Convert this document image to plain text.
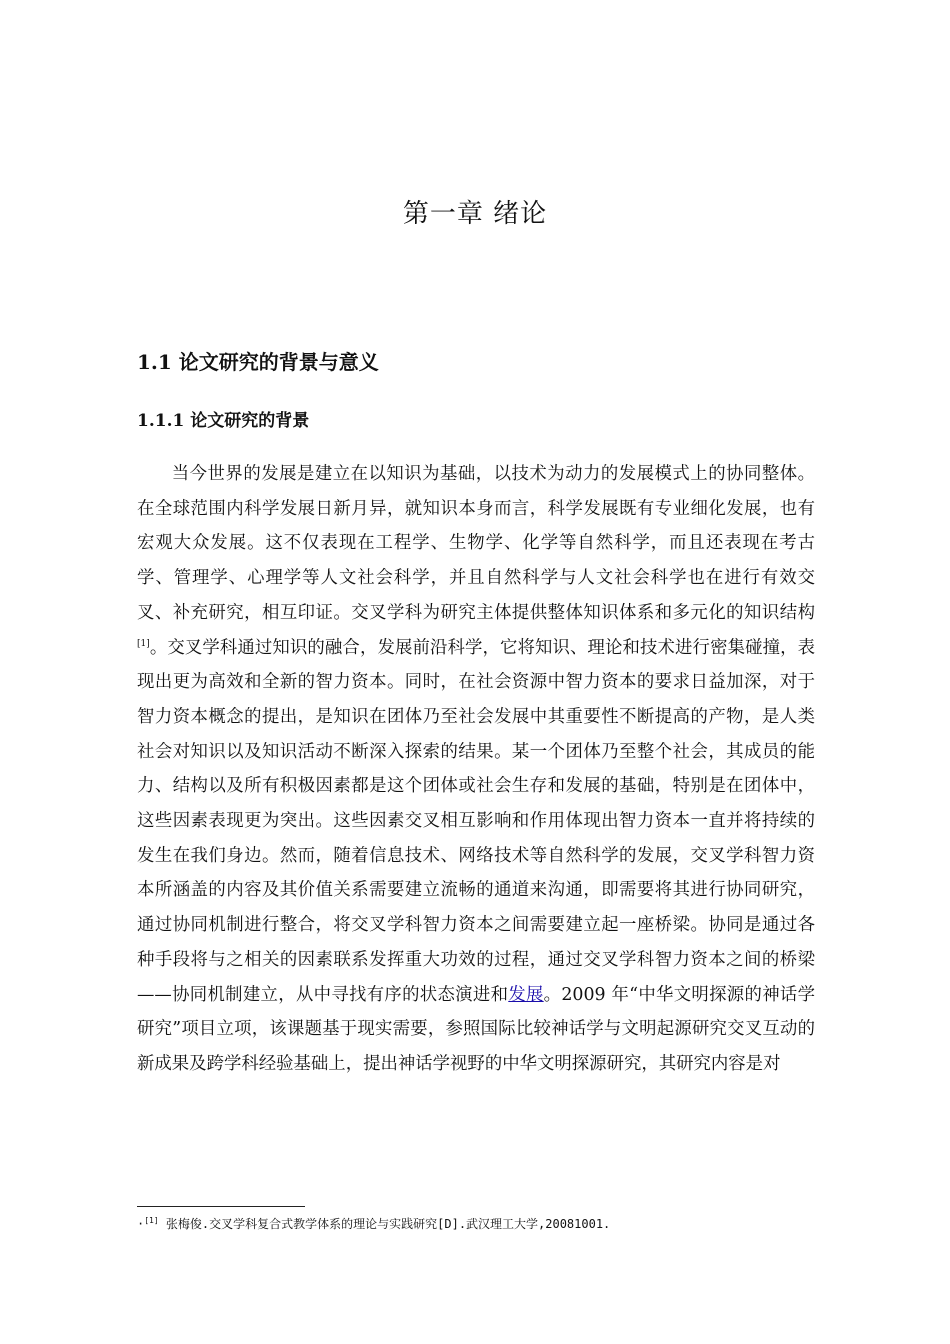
第一章 绪论
1.1 论文研究的背景与意义
1.1.1 论文研究的背景

当今世界的发展是建立在以知识为基础，以技术为动力的发展模式上的协同整体。在全球范围内科学发展日新月异，就知识本身而言，科学发展既有专业细化发展，也有宏观大众发展。这不仅表现在工程学、生物学、化学等自然科学，而且还表现在考古学、管理学、心理学等人文社会科学，并且自然科学与人文社会科学也在进行有效交叉、补充研究，相互印证。交叉学科为研究主体提供整体知识体系和多元化的知识结构[1]。交叉学科通过知识的融合，发展前沿科学，它将知识、理论和技术进行密集碰撞，表现出更为高效和全新的智力资本。同时，在社会资源中智力资本的要求日益加深，对于智力资本概念的提出，是知识在团体乃至社会发展中其重要性不断提高的产物，是人类社会对知识以及知识活动不断深入探索的结果。某一个团体乃至整个社会，其成员的能力、结构以及所有积极因素都是这个团体或社会生存和发展的基础，特别是在团体中，这些因素表现更为突出。这些因素交叉相互影响和作用体现出智力资本一直并将持续的发生在我们身边。然而，随着信息技术、网络技术等自然科学的发展，交叉学科智力资本所涵盖的内容及其价值关系需要建立流畅的通道来沟通，即需要将其进行协同研究，通过协同机制进行整合，将交叉学科智力资本之间需要建立起一座桥梁。协同是通过各种手段将与之相关的因素联系发挥重大功效的过程，通过交叉学科智力资本之间的桥梁——协同机制建立，从中寻找有序的状态演进和发展。2009 年“中华文明探源的神话学研究”项目立项，该课题基于现实需要，参照国际比较神话学与文明起源研究交叉互动的新成果及跨学科经验基础上，提出神话学视野的中华文明探源研究，其研究内容是对

·[1] 张梅俊.交叉学科复合式教学体系的理论与实践研究[D].武汉理工大学,20081001.
